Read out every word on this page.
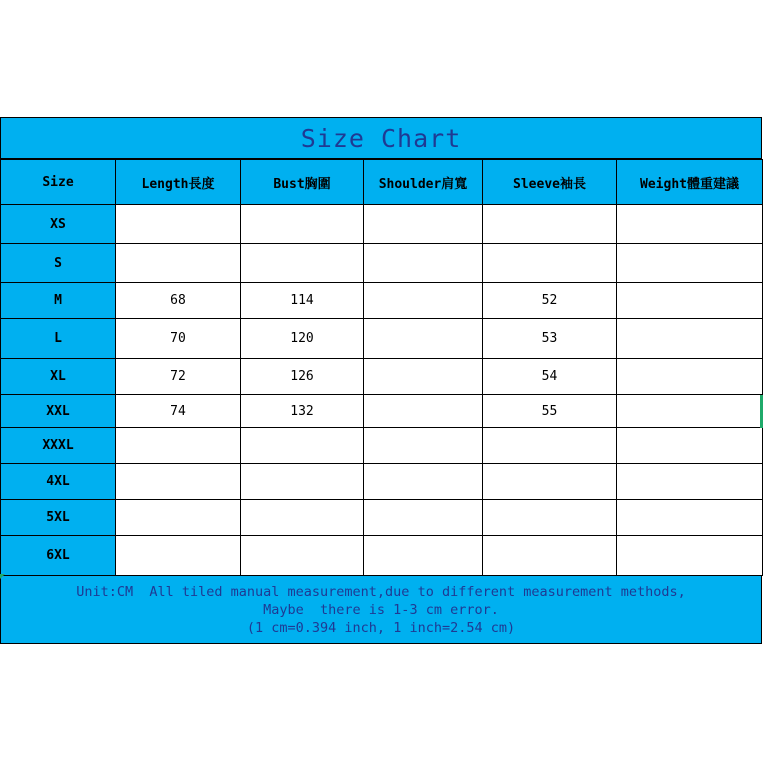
Size Chart
Size	Length長度	Bust胸圍	Shoulder肩寬	Sleeve袖長	Weight體重建議
XS					
S					
M	68	114		52	
L	70	120		53	
XL	72	126		54	
XXL	74	132		55	
XXXL					
4XL					
5XL					
6XL					
Unit:CM  All tiled manual measurement,due to different measurement methods,
Maybe  there is 1-3 cm error.
(1 cm=0.394 inch, 1 inch=2.54 cm)
